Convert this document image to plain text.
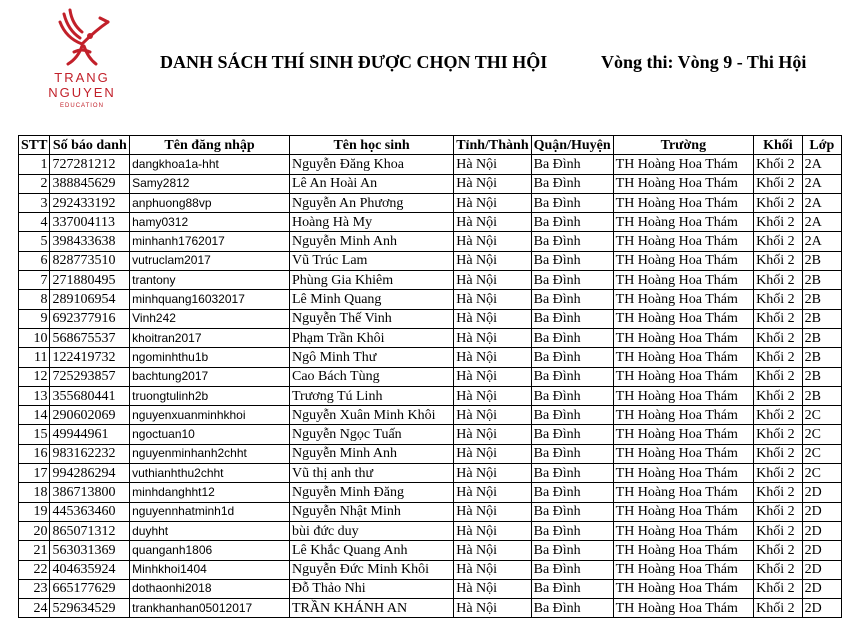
TRANG
NGUYEN
EDUCATION
DANH SÁCH THÍ SINH ĐƯỢC CHỌN THI HỘI	Vòng thi: Vòng 9 - Thi Hội
STT	Số báo danh	Tên đăng nhập	Tên học sinh	Tỉnh/Thành	Quận/Huyện	Trường	Khối	Lớp
1	727281212	dangkhoa1a-hht	Nguyễn Đăng Khoa	Hà Nội	Ba Đình	TH Hoàng Hoa Thám	Khối 2	2A
2	388845629	Samy2812	Lê An Hoài An	Hà Nội	Ba Đình	TH Hoàng Hoa Thám	Khối 2	2A
3	292433192	anphuong88vp	Nguyễn An Phương	Hà Nội	Ba Đình	TH Hoàng Hoa Thám	Khối 2	2A
4	337004113	hamy0312	Hoàng Hà My	Hà Nội	Ba Đình	TH Hoàng Hoa Thám	Khối 2	2A
5	398433638	minhanh1762017	Nguyễn Minh Anh	Hà Nội	Ba Đình	TH Hoàng Hoa Thám	Khối 2	2A
6	828773510	vutruclam2017	Vũ Trúc Lam	Hà Nội	Ba Đình	TH Hoàng Hoa Thám	Khối 2	2B
7	271880495	trantony	Phùng Gia Khiêm	Hà Nội	Ba Đình	TH Hoàng Hoa Thám	Khối 2	2B
8	289106954	minhquang16032017	Lê Minh Quang	Hà Nội	Ba Đình	TH Hoàng Hoa Thám	Khối 2	2B
9	692377916	Vinh242	Nguyễn Thế Vinh	Hà Nội	Ba Đình	TH Hoàng Hoa Thám	Khối 2	2B
10	568675537	khoitran2017	Phạm Trần Khôi	Hà Nội	Ba Đình	TH Hoàng Hoa Thám	Khối 2	2B
11	122419732	ngominhthu1b	Ngô Minh Thư	Hà Nội	Ba Đình	TH Hoàng Hoa Thám	Khối 2	2B
12	725293857	bachtung2017	Cao Bách Tùng	Hà Nội	Ba Đình	TH Hoàng Hoa Thám	Khối 2	2B
13	355680441	truongtulinh2b	Trương Tú Linh	Hà Nội	Ba Đình	TH Hoàng Hoa Thám	Khối 2	2B
14	290602069	nguyenxuanminhkhoi	Nguyễn Xuân Minh Khôi	Hà Nội	Ba Đình	TH Hoàng Hoa Thám	Khối 2	2C
15	49944961	ngoctuan10	Nguyễn Ngọc Tuấn	Hà Nội	Ba Đình	TH Hoàng Hoa Thám	Khối 2	2C
16	983162232	nguyenminhanh2chht	Nguyễn Minh Anh	Hà Nội	Ba Đình	TH Hoàng Hoa Thám	Khối 2	2C
17	994286294	vuthianhthu2chht	Vũ thị anh thư	Hà Nội	Ba Đình	TH Hoàng Hoa Thám	Khối 2	2C
18	386713800	minhdanghht12	Nguyễn Minh Đăng	Hà Nội	Ba Đình	TH Hoàng Hoa Thám	Khối 2	2D
19	445363460	nguyennhatminh1d	Nguyễn Nhật Minh	Hà Nội	Ba Đình	TH Hoàng Hoa Thám	Khối 2	2D
20	865071312	duyhht	bùi đức duy	Hà Nội	Ba Đình	TH Hoàng Hoa Thám	Khối 2	2D
21	563031369	quanganh1806	Lê Khắc Quang Anh	Hà Nội	Ba Đình	TH Hoàng Hoa Thám	Khối 2	2D
22	404635924	Minhkhoi1404	Nguyễn Đức Minh Khôi	Hà Nội	Ba Đình	TH Hoàng Hoa Thám	Khối 2	2D
23	665177629	dothaonhi2018	Đỗ Thảo Nhi	Hà Nội	Ba Đình	TH Hoàng Hoa Thám	Khối 2	2D
24	529634529	trankhanhan05012017	TRẦN KHÁNH AN	Hà Nội	Ba Đình	TH Hoàng Hoa Thám	Khối 2	2D
